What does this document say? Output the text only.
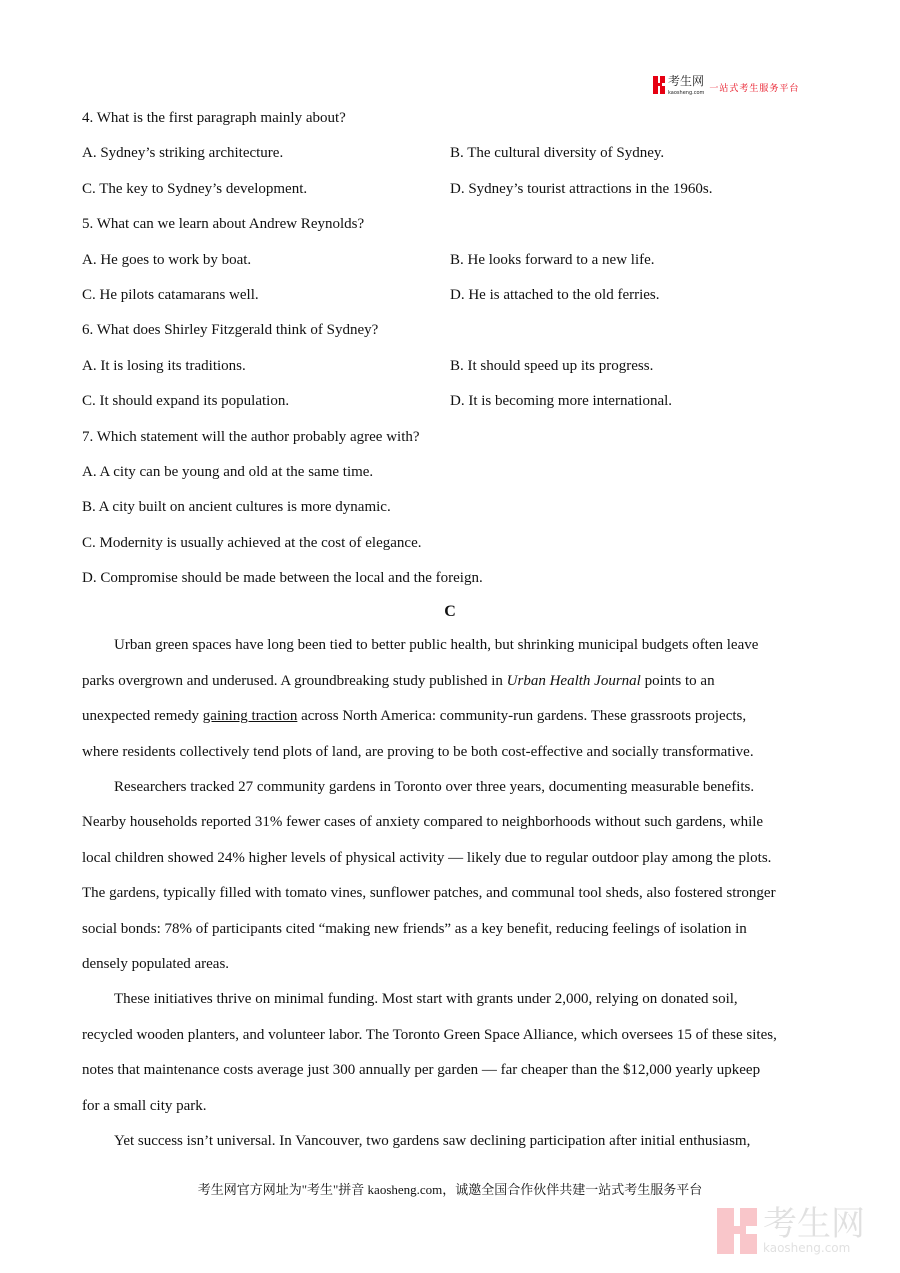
考生网
kaosheng.com 一站式考生服务平台
4. What is the first paragraph mainly about?
A. Sydney’s striking architecture.	B. The cultural diversity of Sydney.
C. The key to Sydney’s development.	D. Sydney’s tourist attractions in the 1960s.
5. What can we learn about Andrew Reynolds?
A. He goes to work by boat.	B. He looks forward to a new life.
C. He pilots catamarans well.	D. He is attached to the old ferries.
6. What does Shirley Fitzgerald think of Sydney?
A. It is losing its traditions.	B. It should speed up its progress.
C. It should expand its population.	D. It is becoming more international.
7. Which statement will the author probably agree with?
A. A city can be young and old at the same time.
B. A city built on ancient cultures is more dynamic.
C. Modernity is usually achieved at the cost of elegance.
D. Compromise should be made between the local and the foreign.
C
Urban green spaces have long been tied to better public health, but shrinking municipal budgets often leave
parks overgrown and underused. A groundbreaking study published in Urban Health Journal points to an
unexpected remedy gaining traction across North America: community-run gardens. These grassroots projects,
where residents collectively tend plots of land, are proving to be both cost-effective and socially transformative.
Researchers tracked 27 community gardens in Toronto over three years, documenting measurable benefits.
Nearby households reported 31% fewer cases of anxiety compared to neighborhoods without such gardens, while
local children showed 24% higher levels of physical activity — likely due to regular outdoor play among the plots.
The gardens, typically filled with tomato vines, sunflower patches, and communal tool sheds, also fostered stronger
social bonds: 78% of participants cited “making new friends” as a key benefit, reducing feelings of isolation in
densely populated areas.
These initiatives thrive on minimal funding. Most start with grants under 2,000, relying on donated soil,
recycled wooden planters, and volunteer labor. The Toronto Green Space Alliance, which oversees 15 of these sites,
notes that maintenance costs average just 300 annually per garden — far cheaper than the $12,000 yearly upkeep
for a small city park.
Yet success isn’t universal. In Vancouver, two gardens saw declining participation after initial enthusiasm,
考生网官方网址为"考生"拼音 kaosheng.com，诚邀全国合作伙伴共建一站式考生服务平台
考生网
kaosheng.com
